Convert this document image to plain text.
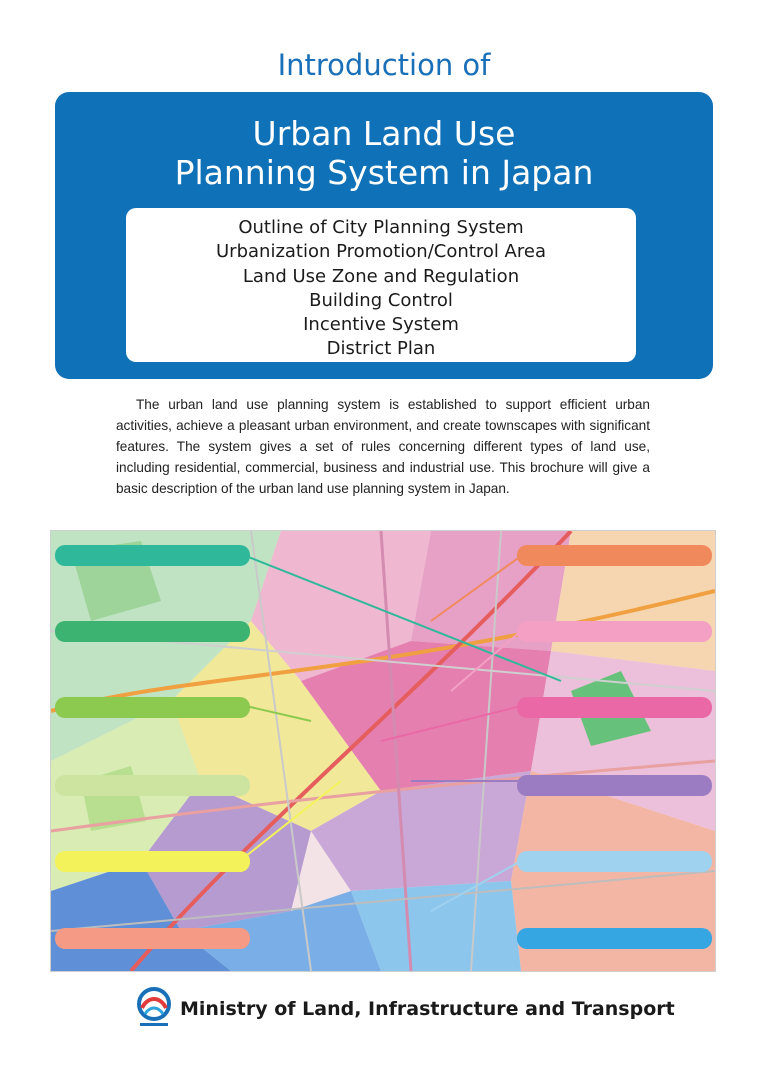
Introduction of
Urban Land Use
Planning System in Japan
Outline of City Planning System
Urbanization Promotion/Control Area
Land Use Zone and Regulation
Building Control
Incentive System
District Plan

The urban land use planning system is established to support efficient urban activities, achieve a pleasant urban environment, and create townscapes with significant features. The system gives a set of rules concerning different types of land use, including residential, commercial, business and industrial use. This brochure will give a basic description of the urban land use planning system in Japan.

Ministry of Land, Infrastructure and Transport
